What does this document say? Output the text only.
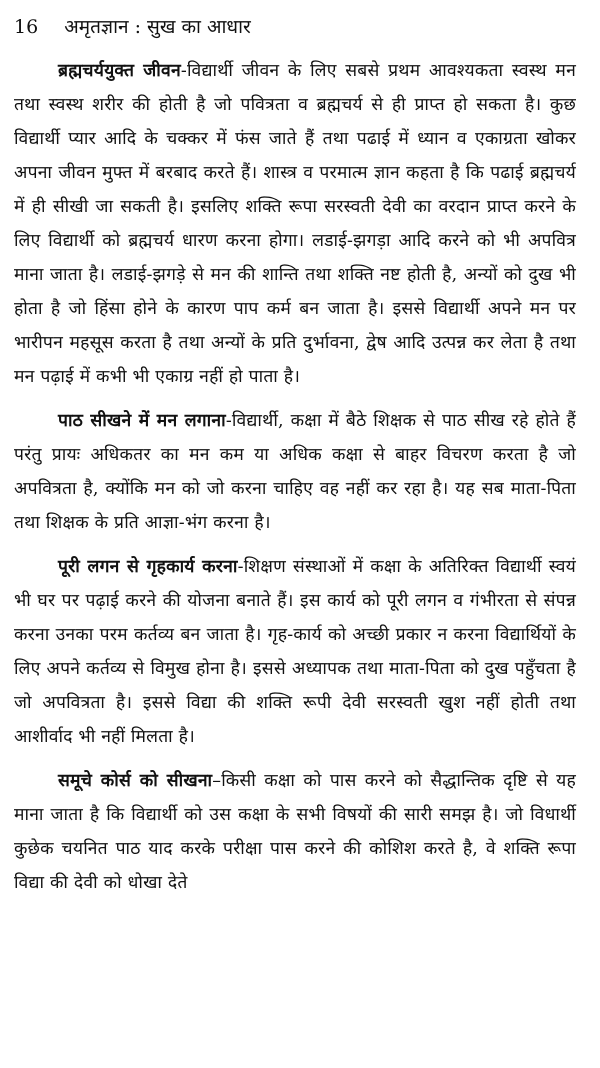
16 अमृतज्ञान : सुख का आधार

ब्रह्मचर्ययुक्त जीवन-विद्यार्थी जीवन के लिए सबसे प्रथम आवश्यकता स्वस्थ मन तथा स्वस्थ शरीर की होती है जो पवित्रता व ब्रह्मचर्य से ही प्राप्त हो सकता है। कुछ विद्यार्थी प्यार आदि के चक्कर में फंस जाते हैं तथा पढाई में ध्यान व एकाग्रता खोकर अपना जीवन मुफ्त में बरबाद करते हैं। शास्त्र व परमात्म ज्ञान कहता है कि पढाई ब्रह्मचर्य में ही सीखी जा सकती है। इसलिए शक्ति रूपा सरस्वती देवी का वरदान प्राप्त करने के लिए विद्यार्थी को ब्रह्मचर्य धारण करना होगा। लडाई-झगड़ा आदि करने को भी अपवित्र माना जाता है। लडाई-झगड़े से मन की शान्ति तथा शक्ति नष्ट होती है, अन्यों को दुख भी होता है जो हिंसा होने के कारण पाप कर्म बन जाता है। इससे विद्यार्थी अपने मन पर भारीपन महसूस करता है तथा अन्यों के प्रति दुर्भावना, द्वेष आदि उत्पन्न कर लेता है तथा मन पढ़ाई में कभी भी एकाग्र नहीं हो पाता है।

पाठ सीखने में मन लगाना-विद्यार्थी, कक्षा में बैठे शिक्षक से पाठ सीख रहे होते हैं परंतु प्रायः अधिकतर का मन कम या अधिक कक्षा से बाहर विचरण करता है जो अपवित्रता है, क्योंकि मन को जो करना चाहिए वह नहीं कर रहा है। यह सब माता-पिता तथा शिक्षक के प्रति आज्ञा-भंग करना है।

पूरी लगन से गृहकार्य करना-शिक्षण संस्थाओं में कक्षा के अतिरिक्त विद्यार्थी स्वयं भी घर पर पढ़ाई करने की योजना बनाते हैं। इस कार्य को पूरी लगन व गंभीरता से संपन्न करना उनका परम कर्तव्य बन जाता है। गृह-कार्य को अच्छी प्रकार न करना विद्यार्थियों के लिए अपने कर्तव्य से विमुख होना है। इससे अध्यापक तथा माता-पिता को दुख पहुँचता है जो अपवित्रता है। इससे विद्या की शक्ति रूपी देवी सरस्वती खुश नहीं होती तथा आशीर्वाद भी नहीं मिलता है।

समूचे कोर्स को सीखना–किसी कक्षा को पास करने को सैद्धान्तिक दृष्टि से यह माना जाता है कि विद्यार्थी को उस कक्षा के सभी विषयों की सारी समझ है। जो विधार्थी कुछेक चयनित पाठ याद करके परीक्षा पास करने की कोशिश करते है, वे शक्ति रूपा विद्या की देवी को धोखा देते
